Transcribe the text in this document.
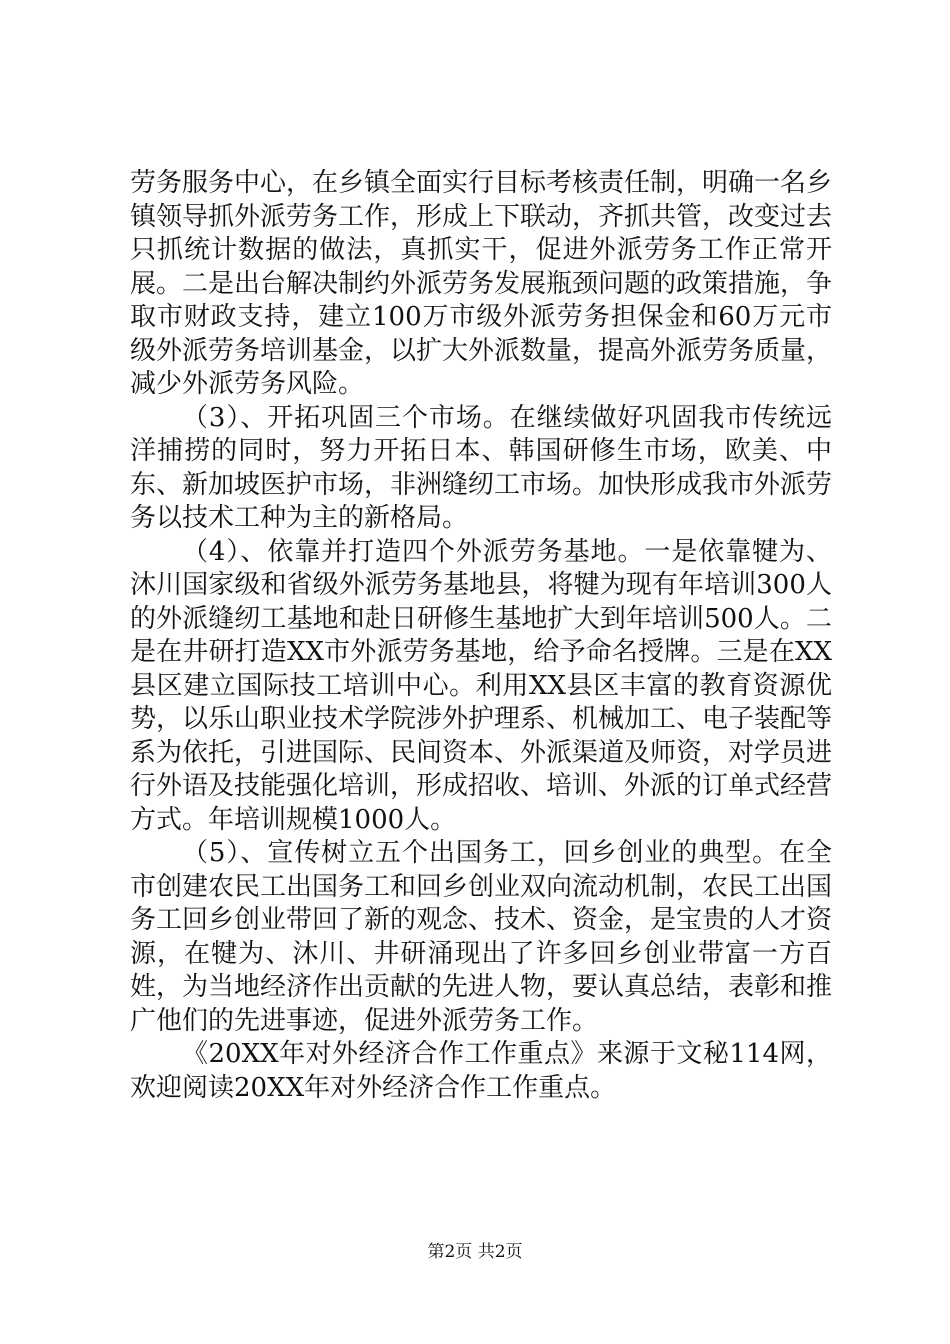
劳务服务中心，在乡镇全面实行目标考核责任制，明确一名乡镇领导抓外派劳务工作，形成上下联动，齐抓共管，改变过去只抓统计数据的做法，真抓实干，促进外派劳务工作正常开展。二是出台解决制约外派劳务发展瓶颈问题的政策措施，争取市财政支持，建立100万市级外派劳务担保金和60万元市级外派劳务培训基金，以扩大外派数量，提高外派劳务质量，减少外派劳务风险。

（3）、开拓巩固三个市场。在继续做好巩固我市传统远洋捕捞的同时，努力开拓日本、韩国研修生市场，欧美、中东、新加坡医护市场，非洲缝纫工市场。加快形成我市外派劳务以技术工种为主的新格局。

（4）、依靠并打造四个外派劳务基地。一是依靠犍为、沐川国家级和省级外派劳务基地县，将犍为现有年培训300人的外派缝纫工基地和赴日研修生基地扩大到年培训500人。二是在井研打造XX市外派劳务基地，给予命名授牌。三是在XX县区建立国际技工培训中心。利用XX县区丰富的教育资源优势，以乐山职业技术学院涉外护理系、机械加工、电子装配等系为依托，引进国际、民间资本、外派渠道及师资，对学员进行外语及技能强化培训，形成招收、培训、外派的订单式经营方式。年培训规模1000人。

（5）、宣传树立五个出国务工，回乡创业的典型。在全市创建农民工出国务工和回乡创业双向流动机制，农民工出国务工回乡创业带回了新的观念、技术、资金，是宝贵的人才资源，在犍为、沐川、井研涌现出了许多回乡创业带富一方百姓，为当地经济作出贡献的先进人物，要认真总结，表彰和推广他们的先进事迹，促进外派劳务工作。

《20XX年对外经济合作工作重点》来源于文秘114网，欢迎阅读20XX年对外经济合作工作重点。

第2页 共2页
